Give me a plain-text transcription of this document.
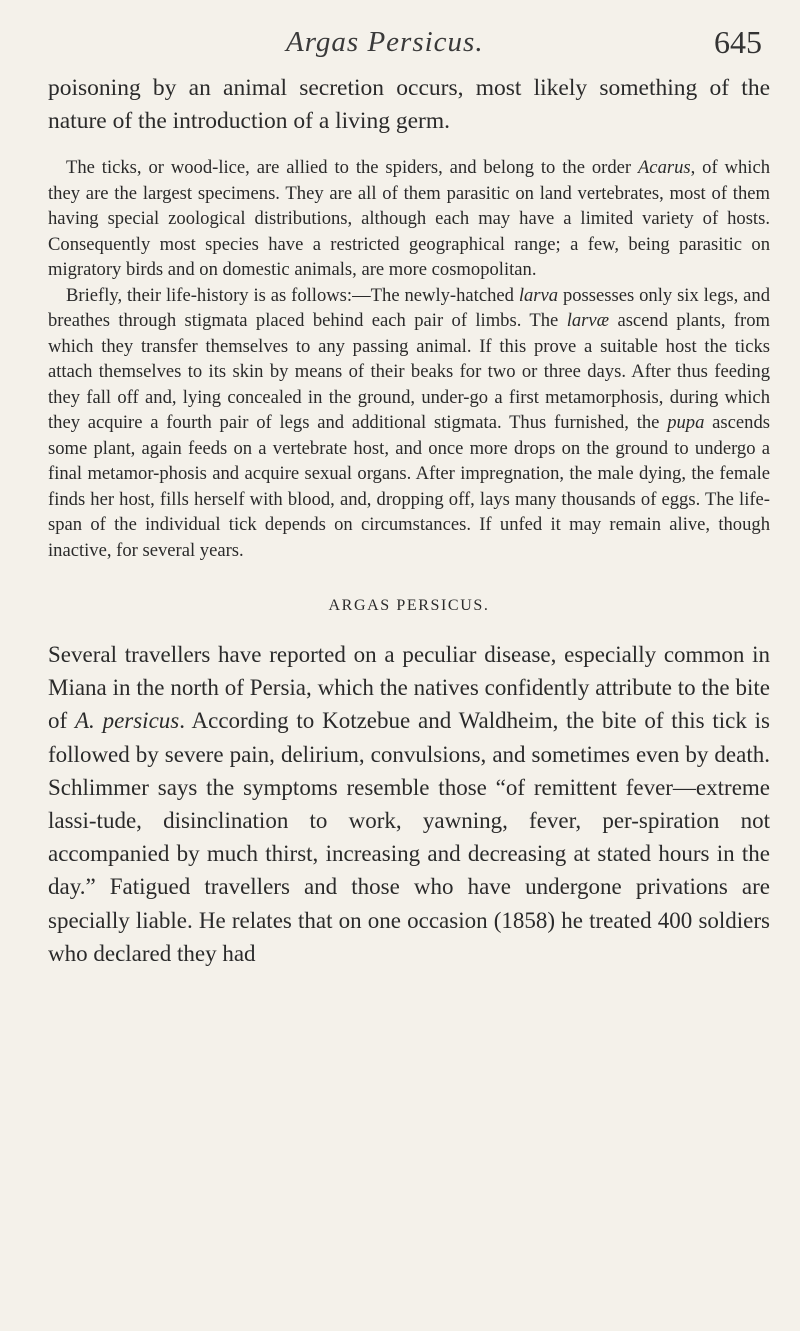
Argas Persicus.	645

poisoning by an animal secretion occurs, most likely something of the nature of the introduction of a living germ.

The ticks, or wood-lice, are allied to the spiders, and belong to the order Acarus, of which they are the largest specimens. They are all of them parasitic on land vertebrates, most of them having special zoological distributions, although each may have a limited variety of hosts. Consequently most species have a restricted geographical range; a few, being parasitic on migratory birds and on domestic animals, are more cosmopolitan.

Briefly, their life-history is as follows:—The newly-hatched larva possesses only six legs, and breathes through stigmata placed behind each pair of limbs. The larvæ ascend plants, from which they transfer themselves to any passing animal. If this prove a suitable host the ticks attach themselves to its skin by means of their beaks for two or three days. After thus feeding they fall off and, lying concealed in the ground, under-go a first metamorphosis, during which they acquire a fourth pair of legs and additional stigmata. Thus furnished, the pupa ascends some plant, again feeds on a vertebrate host, and once more drops on the ground to undergo a final metamor-phosis and acquire sexual organs. After impregnation, the male dying, the female finds her host, fills herself with blood, and, dropping off, lays many thousands of eggs. The life-span of the individual tick depends on circumstances. If unfed it may remain alive, though inactive, for several years.

ARGAS PERSICUS.

Several travellers have reported on a peculiar disease, especially common in Miana in the north of Persia, which the natives confidently attribute to the bite of A. persicus. According to Kotzebue and Waldheim, the bite of this tick is followed by severe pain, delirium, convulsions, and sometimes even by death. Schlimmer says the symptoms resemble those “of remittent fever—extreme lassi-tude, disinclination to work, yawning, fever, per-spiration not accompanied by much thirst, increasing and decreasing at stated hours in the day.” Fatigued travellers and those who have undergone privations are specially liable. He relates that on one occasion (1858) he treated 400 soldiers who declared they had
